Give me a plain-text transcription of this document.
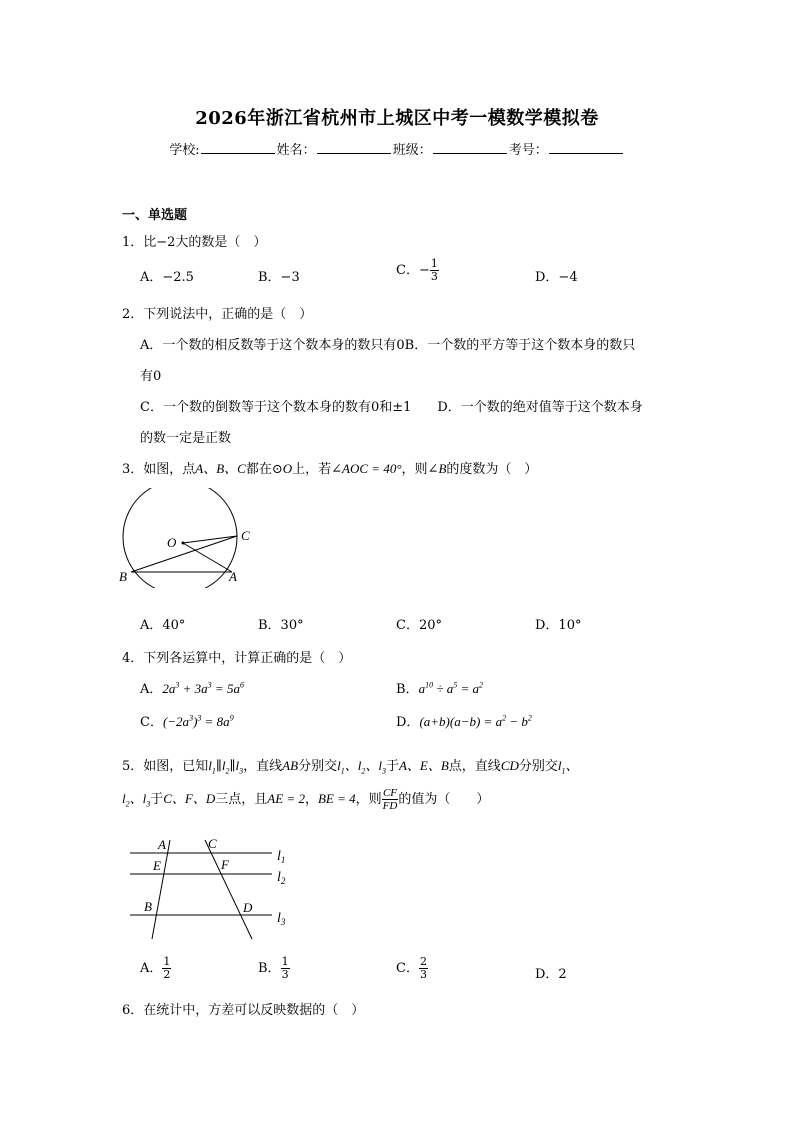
2026年浙江省杭州市上城区中考一模数学模拟卷
学校:	姓名：	班级：	考号：
一、单选题
1．比−2大的数是（　）
A．−2.5	B．−3	C．− $\frac{1}{3}$	D．−4
2．下列说法中，正确的是（　）
A．一个数的相反数等于这个数本身的数只有0B．一个数的平方等于这个数本身的数只
有0
C．一个数的倒数等于这个数本身的数有0和±1　　D．一个数的绝对值等于这个数本身
的数一定是正数
3．如图，点A、B、C都在⊙O上，若∠AOC = 40°，则∠B的度数为（　）
O	C
B	A
A．40°	B．30°	C．20°	D．10°
4．下列各运算中，计算正确的是（　）
A．$2a^3 + 3a^3 = 5a^6$	B．$a^{10} \div a^5 = a^2$
C．$(-2a^3)^3 = 8a^9$	D．$(a+b)(a-b) = a^2 - b^2$
5．如图，已知$l_1\parallel l_2\parallel l_3$，直线AB分别交$l_1$、$l_2$、$l_3$于A、E、B点，直线CD分别交$l_1$、
$l_2$、$l_3$于C、F、D三点，且AE = 2，BE = 4，则 $\frac{CF}{FD}$ 的值为（　　）
A	C
E	F
B	D
$l_1$
$l_2$
$l_3$
A． $\frac{1}{2}$	B． $\frac{1}{3}$	C． $\frac{2}{3}$	D．2
6．在统计中，方差可以反映数据的（　）
